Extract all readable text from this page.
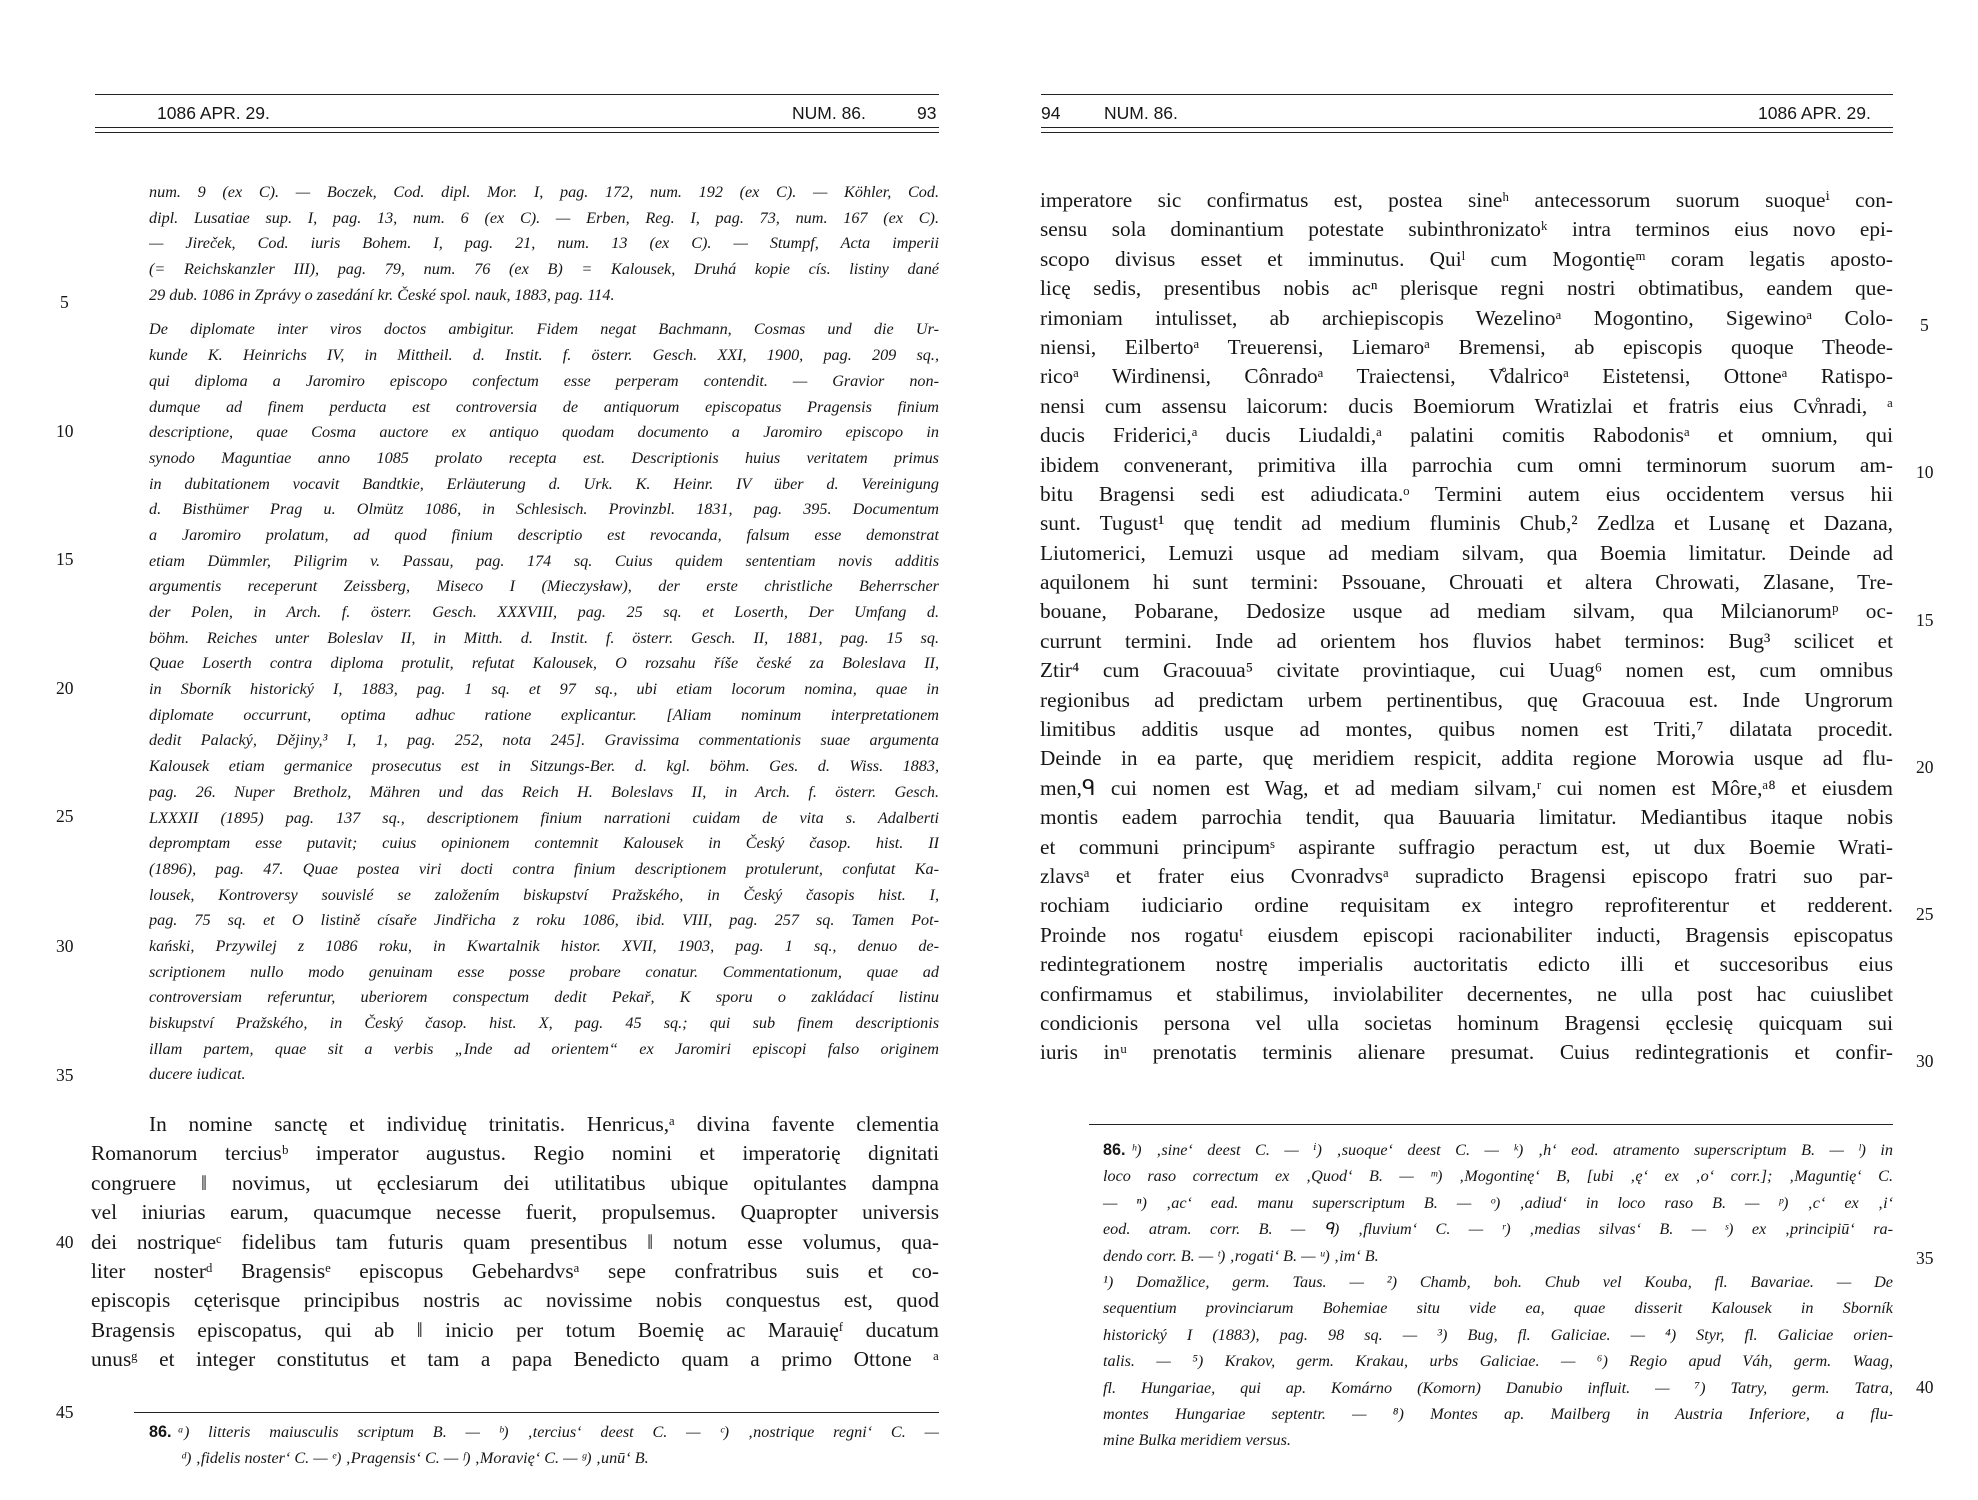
1086 APR. 29.	NUM. 86.	93
num. 9 (ex C). — Boczek, Cod. dipl. Mor. I, pag. 172, num. 192 (ex C). — Köhler, Cod.
dipl. Lusatiae sup. I, pag. 13, num. 6 (ex C). — Erben, Reg. I, pag. 73, num. 167 (ex C).
— Jireček, Cod. iuris Bohem. I, pag. 21, num. 13 (ex C). — Stumpf, Acta imperii
(= Reichskanzler III), pag. 79, num. 76 (ex B) = Kalousek, Druhá kopie cís. listiny dané
29 dub. 1086 in Zprávy o zasedání kr. České spol. nauk, 1883, pag. 114.
De diplomate inter viros doctos ambigitur. Fidem negat Bachmann, Cosmas und die Ur-
kunde K. Heinrichs IV, in Mittheil. d. Instit. f. österr. Gesch. XXI, 1900, pag. 209 sq.,
qui diploma a Jaromiro episcopo confectum esse perperam contendit. — Gravior non-
dumque ad finem perducta est controversia de antiquorum episcopatus Pragensis finium
descriptione, quae Cosma auctore ex antiquo quodam documento a Jaromiro episcopo in
synodo Maguntiae anno 1085 prolato recepta est. Descriptionis huius veritatem primus
in dubitationem vocavit Bandtkie, Erläuterung d. Urk. K. Heinr. IV über d. Vereinigung
d. Bisthümer Prag u. Olmütz 1086, in Schlesisch. Provinzbl. 1831, pag. 395. Documentum
a Jaromiro prolatum, ad quod finium descriptio est revocanda, falsum esse demonstrat
etiam Dümmler, Piligrim v. Passau, pag. 174 sq. Cuius quidem sententiam novis additis
argumentis receperunt Zeissberg, Miseco I (Mieczysław), der erste christliche Beherrscher
der Polen, in Arch. f. österr. Gesch. XXXVIII, pag. 25 sq. et Loserth, Der Umfang d.
böhm. Reiches unter Boleslav II, in Mitth. d. Instit. f. österr. Gesch. II, 1881, pag. 15 sq.
Quae Loserth contra diploma protulit, refutat Kalousek, O rozsahu říše české za Boleslava II,
in Sborník historický I, 1883, pag. 1 sq. et 97 sq., ubi etiam locorum nomina, quae in
diplomate occurrunt, optima adhuc ratione explicantur. [Aliam nominum interpretationem
dedit Palacký, Dějiny,³ I, 1, pag. 252, nota 245]. Gravissima commentationis suae argumenta
Kalousek etiam germanice prosecutus est in Sitzungs-Ber. d. kgl. böhm. Ges. d. Wiss. 1883,
pag. 26. Nuper Bretholz, Mähren und das Reich H. Boleslavs II, in Arch. f. österr. Gesch.
LXXXII (1895) pag. 137 sq., descriptionem finium narrationi cuidam de vita s. Adalberti
depromptam esse putavit; cuius opinionem contemnit Kalousek in Český časop. hist. II
(1896), pag. 47. Quae postea viri docti contra finium descriptionem protulerunt, confutat Ka-
lousek, Kontroversy souvislé se založením biskupství Pražského, in Český časopis hist. I,
pag. 75 sq. et O listině císaře Jindřicha z roku 1086, ibid. VIII, pag. 257 sq. Tamen Pot-
kański, Przywilej z 1086 roku, in Kwartalnik histor. XVII, 1903, pag. 1 sq., denuo de-
scriptionem nullo modo genuinam esse posse probare conatur. Commentationum, quae ad
controversiam referuntur, uberiorem conspectum dedit Pekař, K sporu o zakládací listinu
biskupství Pražského, in Český časop. hist. X, pag. 45 sq.; qui sub finem descriptionis
illam partem, quae sit a verbis „Inde ad orientem“ ex Jaromiri episcopi falso originem
ducere iudicat.
In nomine sanctę et individuę trinitatis. Henricus,ᵃ divina favente clementia
Romanorum terciusᵇ imperator augustus. Regio nomini et imperatorię dignitati
congruere ‖ novimus, ut ęcclesiarum dei utilitatibus ubique opitulantes dampna
vel iniurias earum, quacumque necesse fuerit, propulsemus. Quapropter universis
dei nostriqueᶜ fidelibus tam futuris quam presentibus ‖ notum esse volumus, qua-
liter nosterᵈ Bragensisᵉ episcopus Gebehardvsᵃ sepe confratribus suis et co-
episcopis cęterisque principibus nostris ac novissime nobis conquestus est, quod
Bragensis episcopatus, qui ab ‖ inicio per totum Boemię ac Marauięᶠ ducatum
unusᵍ et integer constitutus et tam a papa Benedicto quam a primo Ottone ᵃ
86. ᵃ) litteris maiusculis scriptum B. — ᵇ) ‚tercius‘ deest C. — ᶜ) ‚nostrique regni‘ C. —
ᵈ) ‚fidelis noster‘ C. — ᵉ) ‚Pragensis‘ C. — ᶠ) ‚Moravię‘ C. — ᵍ) ‚unū‘ B.
5
10
15
20
25
30
35
40
45
94 NUM. 86.	1086 APR. 29.
imperatore sic confirmatus est, postea sineʰ antecessorum suorum suoqueⁱ con-
sensu sola dominantium potestate subinthronizatoᵏ intra terminos eius novo epi-
scopo divisus esset et imminutus. Quiˡ cum Mogontięᵐ coram legatis aposto-
licę sedis, presentibus nobis acⁿ plerisque regni nostri obtimatibus, eandem que-
rimoniam intulisset, ab archiepiscopis Wezelinoᵃ Mogontino, Sigewinoᵃ Colo-
niensi, Eilbertoᵃ Treuerensi, Liemaroᵃ Bremensi, ab episcopis quoque Theode-
ricoᵃ Wirdinensi, Cônradoᵃ Traiectensi, V̊dalricoᵃ Eistetensi, Ottoneᵃ Ratispo-
nensi cum assensu laicorum: ducis Boemiorum Wratizlai et fratris eius Cv̊nradi, ᵃ
ducis Friderici,ᵃ ducis Liudaldi,ᵃ palatini comitis Rabodonisᵃ et omnium, qui
ibidem convenerant, primitiva illa parrochia cum omni terminorum suorum am-
bitu Bragensi sedi est adiudicata.ᵒ Termini autem eius occidentem versus hii
sunt. Tugust¹ quę tendit ad medium fluminis Chub,² Zedlza et Lusanę et Dazana,
Liutomerici, Lemuzi usque ad mediam silvam, qua Boemia limitatur. Deinde ad
aquilonem hi sunt termini: Pssouane, Chrouati et altera Chrowati, Zlasane, Tre-
bouane, Pobarane, Dedosize usque ad mediam silvam, qua Milcianorumᵖ oc-
currunt termini. Inde ad orientem hos fluvios habet terminos: Bug³ scilicet et
Ztir⁴ cum Gracouua⁵ civitate provintiaque, cui Uuag⁶ nomen est, cum omnibus
regionibus ad predictam urbem pertinentibus, quę Gracouua est. Inde Ungrorum
limitibus additis usque ad montes, quibus nomen est Triti,⁷ dilatata procedit.
Deinde in ea parte, quę meridiem respicit, addita regione Morowia usque ad flu-
men,ᑫ cui nomen est Wag, et ad mediam silvam,ʳ cui nomen est Môre,ᵃ⁸ et eiusdem
montis eadem parrochia tendit, qua Bauuaria limitatur. Mediantibus itaque nobis
et communi principumˢ aspirante suffragio peractum est, ut dux Boemie Wrati-
zlavsᵃ et frater eius Cvonradvsᵃ supradicto Bragensi episcopo fratri suo par-
rochiam iudiciario ordine requisitam ex integro reprofiterentur et redderent.
Proinde nos rogatuᵗ eiusdem episcopi racionabiliter inducti, Bragensis episcopatus
redintegrationem nostrę imperialis auctoritatis edicto illi et succesoribus eius
confirmamus et stabilimus, inviolabiliter decernentes, ne ulla post hac cuiuslibet
condicionis persona vel ulla societas hominum Bragensi ęcclesię quicquam sui
iuris inᵘ prenotatis terminis alienare presumat. Cuius redintegrationis et confir-
86. ʰ) ‚sine‘ deest C. — ⁱ) ‚suoque‘ deest C. — ᵏ) ‚h‘ eod. atramento superscriptum B. — ˡ) in
loco raso correctum ex ‚Quod‘ B. — ᵐ) ‚Mogontinę‘ B, [ubi ‚ę‘ ex ‚o‘ corr.]; ‚Maguntię‘ C.
— ⁿ) ‚ac‘ ead. manu superscriptum B. — ᵒ) ‚adiud‘ in loco raso B. — ᵖ) ‚c‘ ex ‚i‘
eod. atram. corr. B. — ᑫ) ‚fluvium‘ C. — ʳ) ‚medias silvas‘ B. — ˢ) ex ‚principiū‘ ra-
dendo corr. B. — ᵗ) ‚rogati‘ B. — ᵘ) ‚im‘ B.
¹) Domažlice, germ. Taus. — ²) Chamb, boh. Chub vel Kouba, fl. Bavariae. — De
sequentium provinciarum Bohemiae situ vide ea, quae disserit Kalousek in Sborník
historický I (1883), pag. 98 sq. — ³) Bug, fl. Galiciae. — ⁴) Styr, fl. Galiciae orien-
talis. — ⁵) Krakov, germ. Krakau, urbs Galiciae. — ⁶) Regio apud Váh, germ. Waag,
fl. Hungariae, qui ap. Komárno (Komorn) Danubio influit. — ⁷) Tatry, germ. Tatra,
montes Hungariae septentr. — ⁸) Montes ap. Mailberg in Austria Inferiore, a flu-
mine Bulka meridiem versus.
5
10
15
20
25
30
35
40
